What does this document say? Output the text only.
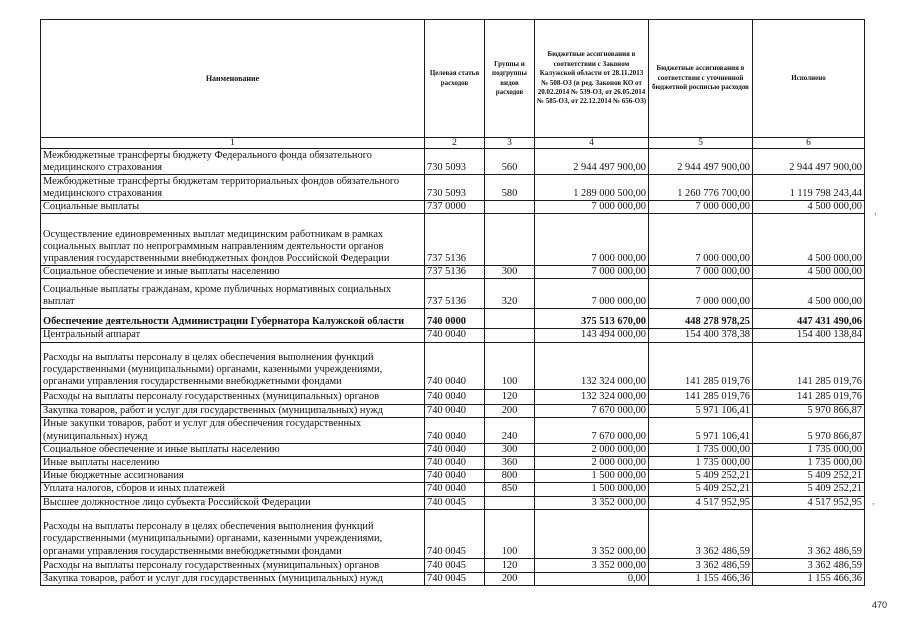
Наименование	Целевая статья расходов	Группы и подгруппы видов расходов	Бюджетные ассигнования в соответствии с Законом Калужской области от 28.11.2013 № 508-ОЗ (в ред. Законов КО от 20.02.2014 № 539-ОЗ, от 26.05.2014 № 585-ОЗ, от 22.12.2014 № 656-ОЗ)	Бюджетные ассигнования в соответствии с уточненной бюджетной росписью расходов	Исполнено
1	2	3	4	5	6
Межбюджетные трансферты бюджету Федерального фонда обязательного медицинского страхования	730 5093	560	2 944 497 900,00	2 944 497 900,00	2 944 497 900,00
Межбюджетные трансферты бюджетам территориальных фондов обязательного медицинского страхования	730 5093	580	1 289 000 500,00	1 260 776 700,00	1 119 798 243,44
Социальные выплаты	737 0000		7 000 000,00	7 000 000,00	4 500 000,00
Осуществление единовременных выплат медицинским работникам в рамках социальных выплат по непрограммным направлениям деятельности органов управления государственными внебюджетных фондов Российской Федерации	737 5136		7 000 000,00	7 000 000,00	4 500 000,00
Социальное обеспечение и иные выплаты населению	737 5136	300	7 000 000,00	7 000 000,00	4 500 000,00
Социальные выплаты гражданам, кроме публичных нормативных социальных выплат	737 5136	320	7 000 000,00	7 000 000,00	4 500 000,00
Обеспечение деятельности Администрации Губернатора Калужской области	740 0000		375 513 670,00	448 278 978,25	447 431 490,06
Центральный аппарат	740 0040		143 494 000,00	154 400 378,38	154 400 138,84
Расходы на выплаты персоналу в целях обеспечения выполнения функций государственными (муниципальными) органами, казенными учреждениями, органами управления государственными внебюджетными фондами	740 0040	100	132 324 000,00	141 285 019,76	141 285 019,76
Расходы на выплаты персоналу государственных (муниципальных) органов	740 0040	120	132 324 000,00	141 285 019,76	141 285 019,76
Закупка товаров, работ и услуг для государственных (муниципальных) нужд	740 0040	200	7 670 000,00	5 971 106,41	5 970 866,87
Иные закупки товаров, работ и услуг для обеспечения государственных (муниципальных) нужд	740 0040	240	7 670 000,00	5 971 106,41	5 970 866,87
Социальное обеспечение и иные выплаты населению	740 0040	300	2 000 000,00	1 735 000,00	1 735 000,00
Иные выплаты населению	740 0040	360	2 000 000,00	1 735 000,00	1 735 000,00
Иные бюджетные ассигнования	740 0040	800	1 500 000,00	5 409 252,21	5 409 252,21
Уплата налогов, сборов и иных платежей	740 0040	850	1 500 000,00	5 409 252,21	5 409 252,21
Высшее должностное лицо субъекта Российской Федерации	740 0045		3 352 000,00	4 517 952,95	4 517 952,95
Расходы на выплаты персоналу в целях обеспечения выполнения функций государственными (муниципальными) органами, казенными учреждениями, органами управления государственными внебюджетными фондами	740 0045	100	3 352 000,00	3 362 486,59	3 362 486,59
Расходы на выплаты персоналу государственных (муниципальных) органов	740 0045	120	3 352 000,00	3 362 486,59	3 362 486,59
Закупка товаров, работ и услуг для государственных (муниципальных) нужд	740 0045	200	0,00	1 155 466,36	1 155 466,36
,
,
470
